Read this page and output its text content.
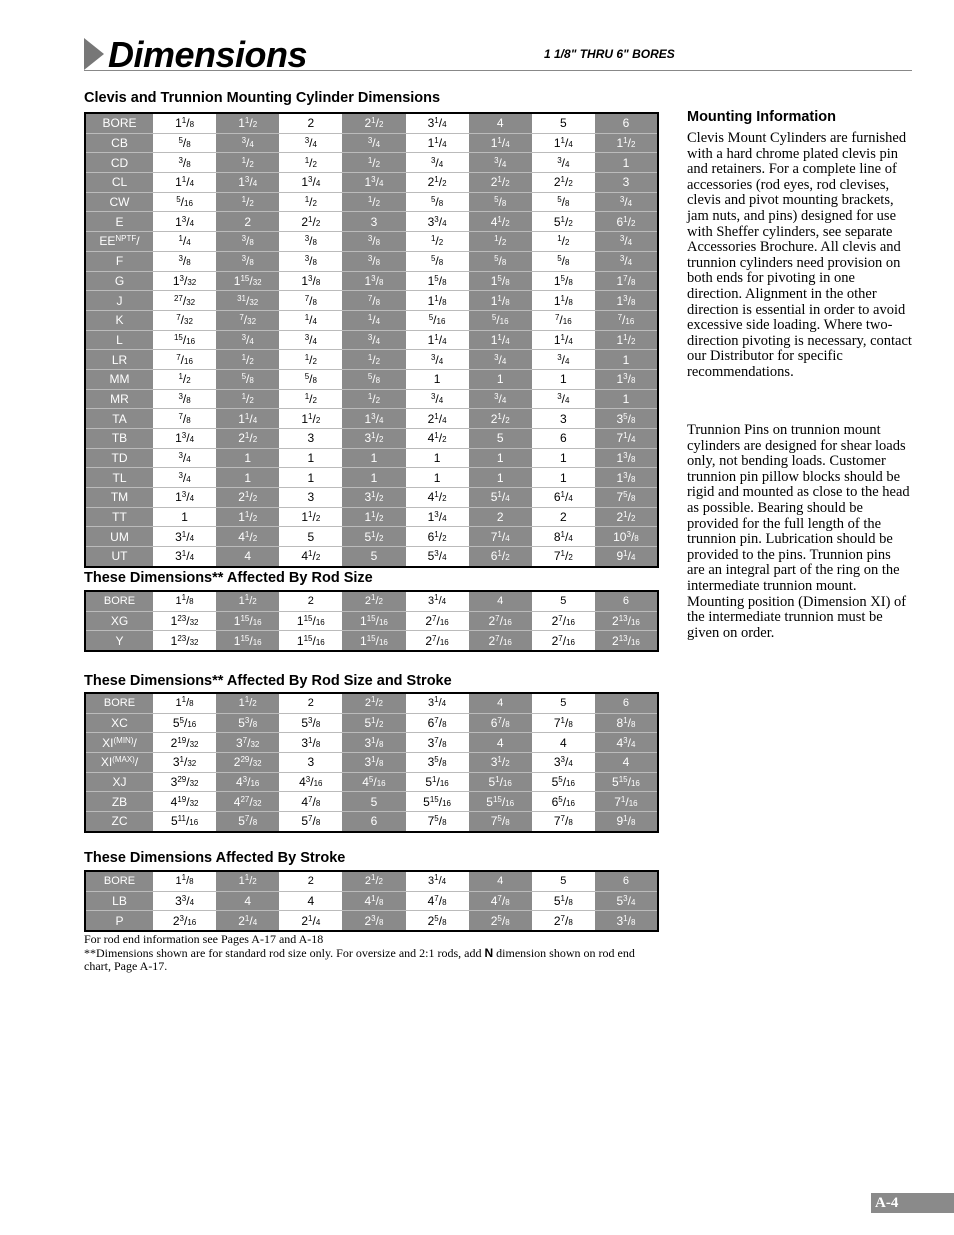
Dimensions	1 1/8" THRU 6" BORES
Clevis and Trunnion Mounting Cylinder Dimensions
BORE	$1^1/8$	$1^1/2$	2	$2^1/2$	$3^1/4$	4	5	6
CB	$^5$/8	$^3$/4	$^3$/4	$^3$/4	$1^1/4$	$1^1/4$	$1^1/4$	$1^1/2$
CD	$^3$/8	$^1$/2	$^1$/2	$^1$/2	$^3$/4	$^3$/4	$^3$/4	1
CL	$1^1/4$	$1^3/4$	$1^3/4$	$1^3/4$	$2^1/2$	$2^1/2$	$2^1/2$	3
CW	$^5$/16	$^1$/2	$^1$/2	$^1$/2	$^5$/8	$^5$/8	$^5$/8	$^3$/4
E	$1^3/4$	2	$2^1/2$	3	$3^3/4$	$4^1/2$	$5^1/2$	$6^1/2$
$EE^{NPTF}/$	$^1$/4	$^3$/8	$^3$/8	$^3$/8	$^1$/2	$^1$/2	$^1$/2	$^3$/4
F	$^3$/8	$^3$/8	$^3$/8	$^3$/8	$^5$/8	$^5$/8	$^5$/8	$^3$/4
G	$1^3/32$	$1^{15}/32$	$1^3/8$	$1^3/8$	$1^5/8$	$1^5/8$	$1^5/8$	$1^7/8$
J	$^{27}$/32	$^{31}$/32	$^7$/8	$^7$/8	$1^1/8$	$1^1/8$	$1^1/8$	$1^3/8$
K	$^7$/32	$^7$/32	$^1$/4	$^1$/4	$^5$/16	$^5$/16	$^7$/16	$^7$/16
L	$^{15}$/16	$^3$/4	$^3$/4	$^3$/4	$1^1/4$	$1^1/4$	$1^1/4$	$1^1/2$
LR	$^7$/16	$^1$/2	$^1$/2	$^1$/2	$^3$/4	$^3$/4	$^3$/4	1
MM	$^1$/2	$^5$/8	$^5$/8	$^5$/8	1	1	1	$1^3/8$
MR	$^3$/8	$^1$/2	$^1$/2	$^1$/2	$^3$/4	$^3$/4	$^3$/4	1
TA	$^7$/8	$1^1/4$	$1^1/2$	$1^3/4$	$2^1/4$	$2^1/2$	3	$3^5/8$
TB	$1^3/4$	$2^1/2$	3	$3^1/2$	$4^1/2$	5	6	$7^1/4$
TD	$^3$/4	1	1	1	1	1	1	$1^3/8$
TL	$^3$/4	1	1	1	1	1	1	$1^3/8$
TM	$1^3/4$	$2^1/2$	3	$3^1/2$	$4^1/2$	$5^1/4$	$6^1/4$	$7^5/8$
TT	1	$1^1/2$	$1^1/2$	$1^1/2$	$1^3/4$	2	2	$2^1/2$
UM	$3^1/4$	$4^1/2$	5	$5^1/2$	$6^1/2$	$7^1/4$	$8^1/4$	$10^3/8$
UT	$3^1/4$	4	$4^1/2$	5	$5^3/4$	$6^1/2$	$7^1/2$	$9^1/4$
These Dimensions** Affected By Rod Size
BORE	$1^1/8$	$1^1/2$	2	$2^1/2$	$3^1/4$	4	5	6
XG	$1^{23}/32$	$1^{15}/16$	$1^{15}/16$	$1^{15}/16$	$2^7/16$	$2^7/16$	$2^7/16$	$2^{13}/16$
Y	$1^{23}/32$	$1^{15}/16$	$1^{15}/16$	$1^{15}/16$	$2^7/16$	$2^7/16$	$2^7/16$	$2^{13}/16$
These Dimensions** Affected By Rod Size and Stroke
BORE	$1^1/8$	$1^1/2$	2	$2^1/2$	$3^1/4$	4	5	6
XC	$5^5/16$	$5^3/8$	$5^3/8$	$5^1/2$	$6^7/8$	$6^7/8$	$7^1/8$	$8^1/8$
$XI^{(MIN)}/$	$2^{19}/32$	$3^7/32$	$3^1/8$	$3^1/8$	$3^7/8$	4	4	$4^3/4$
$XI^{(MAX)}/$	$3^1/32$	$2^{29}/32$	3	$3^1/8$	$3^5/8$	$3^1/2$	$3^3/4$	4
XJ	$3^{29}/32$	$4^3/16$	$4^3/16$	$4^5/16$	$5^1/16$	$5^1/16$	$5^5/16$	$5^{15}/16$
ZB	$4^{19}/32$	$4^{27}/32$	$4^7/8$	5	$5^{15}/16$	$5^{15}/16$	$6^5/16$	$7^1/16$
ZC	$5^{11}/16$	$5^7/8$	$5^7/8$	6	$7^5/8$	$7^5/8$	$7^7/8$	$9^1/8$
These Dimensions Affected By Stroke
BORE	$1^1/8$	$1^1/2$	2	$2^1/2$	$3^1/4$	4	5	6
LB	$3^3/4$	4	4	$4^1/8$	$4^7/8$	$4^7/8$	$5^1/8$	$5^3/4$
P	$2^3/16$	$2^1/4$	$2^1/4$	$2^3/8$	$2^5/8$	$2^5/8$	$2^7/8$	$3^1/8$
For rod end information see Pages A-17 and A-18
**Dimensions shown are for standard rod size only. For oversize and 2:1 rods, add N dimension shown on rod end chart, Page A-17.
Mounting Information
Clevis Mount Cylinders are furnished with a hard chrome plated clevis pin and retainers. For a complete line of accessories (rod eyes, rod clevises, clevis and pivot mounting brackets, jam nuts, and pins) designed for use with Sheffer cylinders, see separate Accessories Brochure. All clevis and trunnion cylinders need provision on both ends for pivoting in one direction. Alignment in the other direction is essential in order to avoid excessive side loading. Where two-direction pivoting is necessary, contact our Distributor for specific recommendations.
Trunnion Pins on trunnion mount cylinders are designed for shear loads only, not bending loads. Customer trunnion pin pillow blocks should be rigid and mounted as close to the head as possible. Bearing should be provided for the full length of the trunnion pin. Lubrication should be provided to the pins. Trunnion pins are an integral part of the ring on the intermediate trunnion mount. Mounting position (Dimension XI) of the intermediate trunnion must be given on order.
A-4
